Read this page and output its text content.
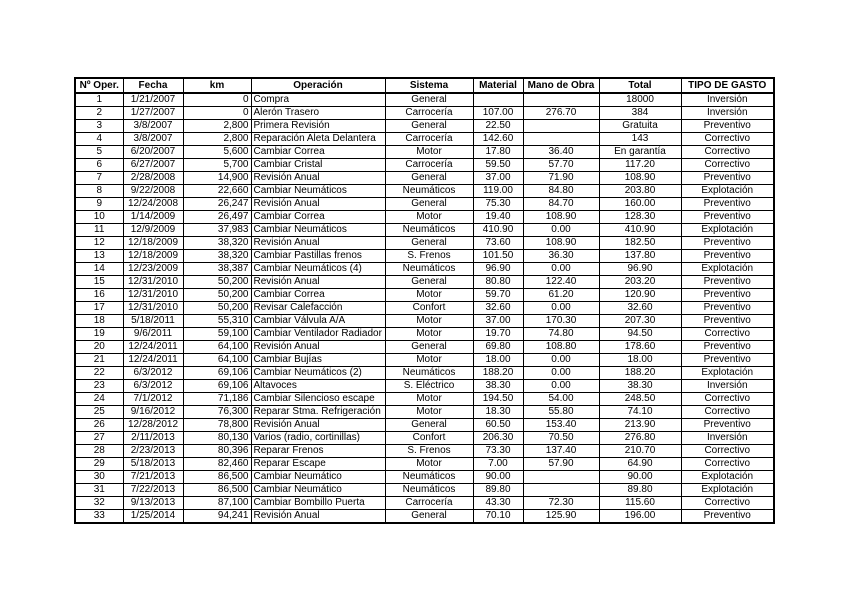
Nº Oper.	Fecha	km	Operación	Sistema	Material	Mano de Obra	Total	TIPO DE GASTO
1	1/21/2007	0	Compra	General			18000	Inversión
2	1/27/2007	0	Alerón Trasero	Carrocería	107.00	276.70	384	Inversión
3	3/8/2007	2,800	Primera Revisión	General	22.50		Gratuita	Preventivo
4	3/8/2007	2,800	Reparación Aleta Delantera	Carrocería	142.60		143	Correctivo
5	6/20/2007	5,600	Cambiar Correa	Motor	17.80	36.40	En garantía	Correctivo
6	6/27/2007	5,700	Cambiar Cristal	Carrocería	59.50	57.70	117.20	Correctivo
7	2/28/2008	14,900	Revisión Anual	General	37.00	71.90	108.90	Preventivo
8	9/22/2008	22,660	Cambiar Neumáticos	Neumáticos	119.00	84.80	203.80	Explotación
9	12/24/2008	26,247	Revisión Anual	General	75.30	84.70	160.00	Preventivo
10	1/14/2009	26,497	Cambiar Correa	Motor	19.40	108.90	128.30	Preventivo
11	12/9/2009	37,983	Cambiar Neumáticos	Neumáticos	410.90	0.00	410.90	Explotación
12	12/18/2009	38,320	Revisión Anual	General	73.60	108.90	182.50	Preventivo
13	12/18/2009	38,320	Cambiar Pastillas frenos	S. Frenos	101.50	36.30	137.80	Preventivo
14	12/23/2009	38,387	Cambiar Neumáticos (4)	Neumáticos	96.90	0.00	96.90	Explotación
15	12/31/2010	50,200	Revisión Anual	General	80.80	122.40	203.20	Preventivo
16	12/31/2010	50,200	Cambiar Correa	Motor	59.70	61.20	120.90	Preventivo
17	12/31/2010	50,200	Revisar Calefacción	Confort	32.60	0.00	32.60	Preventivo
18	5/18/2011	55,310	Cambiar Válvula A/A	Motor	37.00	170.30	207.30	Preventivo
19	9/6/2011	59,100	Cambiar Ventilador Radiador	Motor	19.70	74.80	94.50	Correctivo
20	12/24/2011	64,100	Revisión Anual	General	69.80	108.80	178.60	Preventivo
21	12/24/2011	64,100	Cambiar Bujías	Motor	18.00	0.00	18.00	Preventivo
22	6/3/2012	69,106	Cambiar Neumáticos (2)	Neumáticos	188.20	0.00	188.20	Explotación
23	6/3/2012	69,106	Altavoces	S. Eléctrico	38.30	0.00	38.30	Inversión
24	7/1/2012	71,186	Cambiar Silencioso escape	Motor	194.50	54.00	248.50	Correctivo
25	9/16/2012	76,300	Reparar Stma. Refrigeración	Motor	18.30	55.80	74.10	Correctivo
26	12/28/2012	78,800	Revisión Anual	General	60.50	153.40	213.90	Preventivo
27	2/11/2013	80,130	Varios (radio, cortinillas)	Confort	206.30	70.50	276.80	Inversión
28	2/23/2013	80,396	Reparar Frenos	S. Frenos	73.30	137.40	210.70	Correctivo
29	5/18/2013	82,460	Reparar Escape	Motor	7.00	57.90	64.90	Correctivo
30	7/21/2013	86,500	Cambiar Neumático	Neumáticos	90.00		90.00	Explotación
31	7/22/2013	86,500	Cambiar Neumático	Neumáticos	89.80		89.80	Explotación
32	9/13/2013	87,100	Cambiar Bombillo Puerta	Carrocería	43.30	72.30	115.60	Correctivo
33	1/25/2014	94,241	Revisión Anual	General	70.10	125.90	196.00	Preventivo
